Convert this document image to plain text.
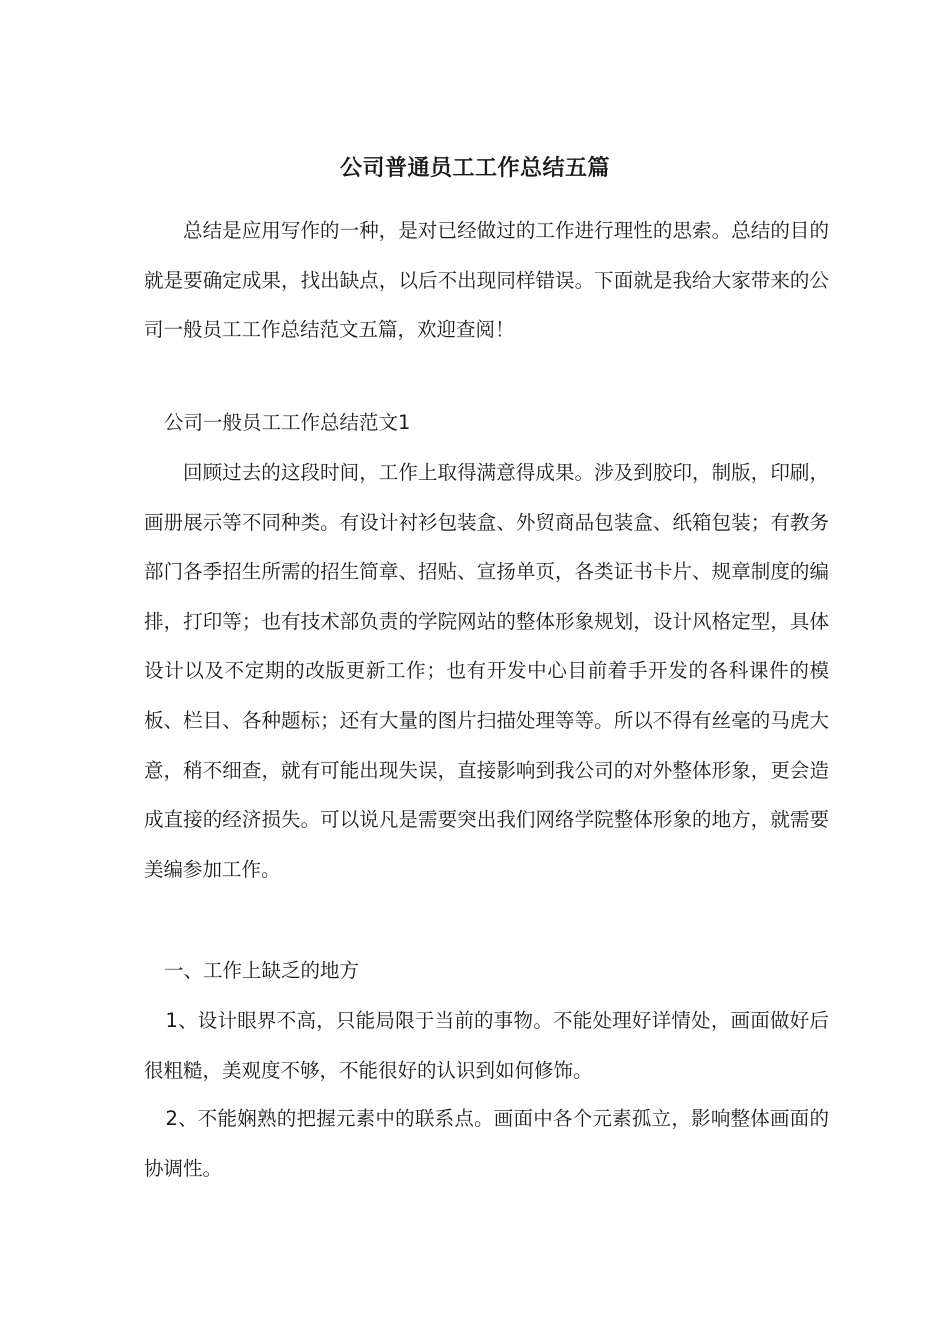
公司普通员工工作总结五篇

总结是应用写作的一种，是对已经做过的工作进行理性的思索。总结的目的就是要确定成果，找出缺点，以后不出现同样错误。下面就是我给大家带来的公司一般员工工作总结范文五篇，欢迎查阅！

公司一般员工工作总结范文1

回顾过去的这段时间，工作上取得满意得成果。涉及到胶印，制版，印刷，画册展示等不同种类。有设计衬衫包装盒、外贸商品包装盒、纸箱包装；有教务部门各季招生所需的招生简章、招贴、宣扬单页，各类证书卡片、规章制度的编排，打印等；也有技术部负责的学院网站的整体形象规划，设计风格定型，具体设计以及不定期的改版更新工作；也有开发中心目前着手开发的各科课件的模板、栏目、各种题标；还有大量的图片扫描处理等等。所以不得有丝毫的马虎大意，稍不细查，就有可能出现失误，直接影响到我公司的对外整体形象，更会造成直接的经济损失。可以说凡是需要突出我们网络学院整体形象的地方，就需要美编参加工作。

一、工作上缺乏的地方

1、设计眼界不高，只能局限于当前的事物。不能处理好详情处，画面做好后很粗糙，美观度不够，不能很好的认识到如何修饰。

2、不能娴熟的把握元素中的联系点。画面中各个元素孤立，影响整体画面的协调性。
